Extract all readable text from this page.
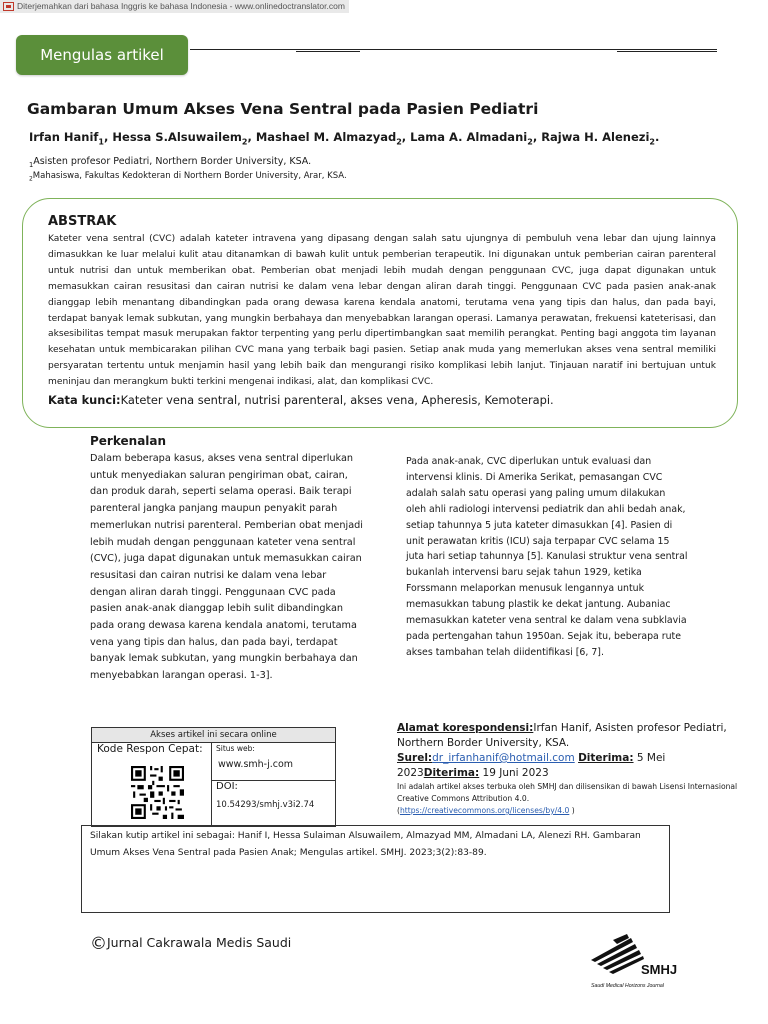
Diterjemahkan dari bahasa Inggris ke bahasa Indonesia - www.onlinedoctranslator.com
Mengulas artikel
Gambaran Umum Akses Vena Sentral pada Pasien Pediatri
Irfan Hanif$_1$, Hessa S.Alsuwailem$_2$, Mashael M. Almazyad$_2$, Lama A. Almadani$_2$, Rajwa H. Alenezi$_2$.
$_1$Asisten profesor Pediatri, Northern Border University, KSA.
$_2$Mahasiswa, Fakultas Kedokteran di Northern Border University, Arar, KSA.
ABSTRAK
Kateter vena sentral (CVC) adalah kateter intravena yang dipasang dengan salah satu ujungnya di pembuluh vena lebar dan ujung lainnya dimasukkan ke luar melalui kulit atau ditanamkan di bawah kulit untuk pemberian terapeutik. Ini digunakan untuk pemberian cairan parenteral untuk nutrisi dan untuk memberikan obat. Pemberian obat menjadi lebih mudah dengan penggunaan CVC, juga dapat digunakan untuk memasukkan cairan resusitasi dan cairan nutrisi ke dalam vena lebar dengan aliran darah tinggi. Penggunaan CVC pada pasien anak-anak dianggap lebih menantang dibandingkan pada orang dewasa karena kendala anatomi, terutama vena yang tipis dan halus, dan pada bayi, terdapat banyak lemak subkutan, yang mungkin berbahaya dan menyebabkan larangan operasi. Lamanya perawatan, frekuensi kateterisasi, dan aksesibilitas tempat masuk merupakan faktor terpenting yang perlu dipertimbangkan saat memilih perangkat. Penting bagi anggota tim layanan kesehatan untuk membicarakan pilihan CVC mana yang terbaik bagi pasien. Setiap anak muda yang memerlukan akses vena sentral memiliki persyaratan tertentu untuk menjamin hasil yang lebih baik dan mengurangi risiko komplikasi lebih lanjut. Tinjauan naratif ini bertujuan untuk meninjau dan merangkum bukti terkini mengenai indikasi, alat, dan komplikasi CVC.
Kata kunci:Kateter vena sentral, nutrisi parenteral, akses vena, Apheresis, Kemoterapi.
Perkenalan
Dalam beberapa kasus, akses vena sentral diperlukan untuk menyediakan saluran pengiriman obat, cairan, dan produk darah, seperti selama operasi. Baik terapi parenteral jangka panjang maupun penyakit parah memerlukan nutrisi parenteral. Pemberian obat menjadi lebih mudah dengan penggunaan kateter vena sentral (CVC), juga dapat digunakan untuk memasukkan cairan resusitasi dan cairan nutrisi ke dalam vena lebar dengan aliran darah tinggi. Penggunaan CVC pada pasien anak-anak dianggap lebih sulit dibandingkan pada orang dewasa karena kendala anatomi, terutama vena yang tipis dan halus, dan pada bayi, terdapat banyak lemak subkutan, yang mungkin berbahaya dan menyebabkan larangan operasi. 1-3].
Pada anak-anak, CVC diperlukan untuk evaluasi dan intervensi klinis. Di Amerika Serikat, pemasangan CVC adalah salah satu operasi yang paling umum dilakukan oleh ahli radiologi intervensi pediatrik dan ahli bedah anak, setiap tahunnya 5 juta kateter dimasukkan [4]. Pasien di unit perawatan kritis (ICU) saja terpapar CVC selama 15 juta hari setiap tahunnya [5]. Kanulasi struktur vena sentral bukanlah intervensi baru sejak tahun 1929, ketika Forssmann melaporkan menusuk lengannya untuk memasukkan tabung plastik ke dekat jantung. Aubaniac memasukkan kateter vena sentral ke dalam vena subklavia pada pertengahan tahun 1950an. Sejak itu, beberapa rute akses tambahan telah diidentifikasi [6, 7].
Akses artikel ini secara online
Kode Respon Cepat: Situs web:
www.smh-j.com
DOI:
10.54293/smhj.v3i2.74
Alamat korespondensi:Irfan Hanif, Asisten profesor Pediatri, Northern Border University, KSA.
Surel:dr_irfanhanif@hotmail.com Diterima: 5 Mei 2023Diterima: 19 Juni 2023

Ini adalah artikel akses terbuka oleh SMHJ dan dilisensikan di bawah Lisensi Internasional Creative Commons Attribution 4.0.
(https://creativecommons.org/licenses/by/4.0 )
Silakan kutip artikel ini sebagai: Hanif I, Hessa Sulaiman Alsuwailem, Almazyad MM, Almadani LA, Alenezi RH. Gambaran Umum Akses Vena Sentral pada Pasien Anak; Mengulas artikel. SMHJ. 2023;3(2):83-89.
©Jurnal Cakrawala Medis Saudi
SMHJ
Saudi Medical Horizons Journal
